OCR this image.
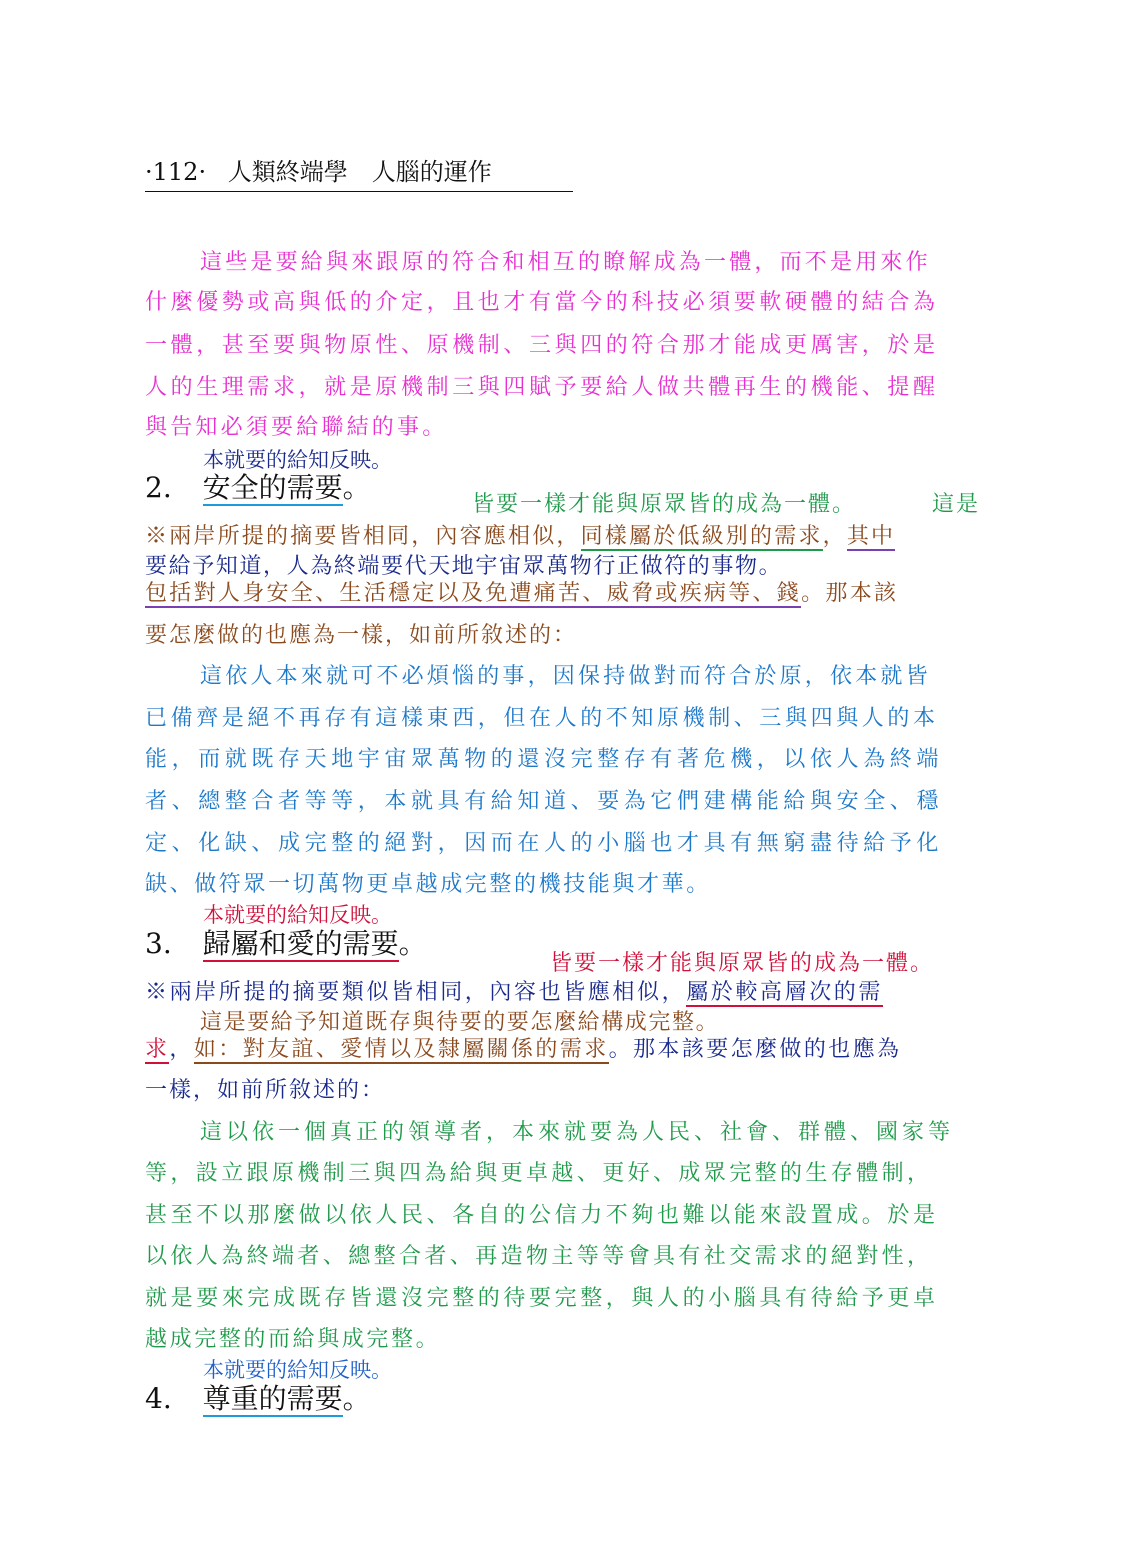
·112· 人類終端學　人腦的運作
這些是要給與來跟原的符合和相互的瞭解成為一體，而不是用來作
什麼優勢或高與低的介定，且也才有當今的科技必須要軟硬體的結合為
一體，甚至要與物原性、原機制、三與四的符合那才能成更厲害，於是
人的生理需求，就是原機制三與四賦予要給人做共體再生的機能、提醒
與告知必須要給聯結的事。
本就要的給知反映。
2. 安全的需要。
皆要一樣才能與原眾皆的成為一體。	這是
※兩岸所提的摘要皆相同，內容應相似，同樣屬於低級別的需求，其中
要給予知道，人為終端要代天地宇宙眾萬物行正做符的事物。
包括對人身安全、生活穩定以及免遭痛苦、威脅或疾病等、錢。那本該
要怎麼做的也應為一樣，如前所敘述的：
這依人本來就可不必煩惱的事，因保持做對而符合於原，依本就皆
已備齊是絕不再存有這樣東西，但在人的不知原機制、三與四與人的本
能，而就既存天地宇宙眾萬物的還沒完整存有著危機，以依人為終端
者、總整合者等等，本就具有給知道、要為它們建構能給與安全、穩
定、化缺、成完整的絕對，因而在人的小腦也才具有無窮盡待給予化
缺、做符眾一切萬物更卓越成完整的機技能與才華。
本就要的給知反映。
3. 歸屬和愛的需要。
皆要一樣才能與原眾皆的成為一體。
※兩岸所提的摘要類似皆相同，內容也皆應相似，屬於較高層次的需
這是要給予知道既存與待要的要怎麼給構成完整。
求，如：對友誼、愛情以及隸屬關係的需求。那本該要怎麼做的也應為
一樣，如前所敘述的：
這以依一個真正的領導者，本來就要為人民、社會、群體、國家等
等，設立跟原機制三與四為給與更卓越、更好、成眾完整的生存體制，
甚至不以那麼做以依人民、各自的公信力不夠也難以能來設置成。於是
以依人為終端者、總整合者、再造物主等等會具有社交需求的絕對性，
就是要來完成既存皆還沒完整的待要完整，與人的小腦具有待給予更卓
越成完整的而給與成完整。
本就要的給知反映。
4. 尊重的需要。
